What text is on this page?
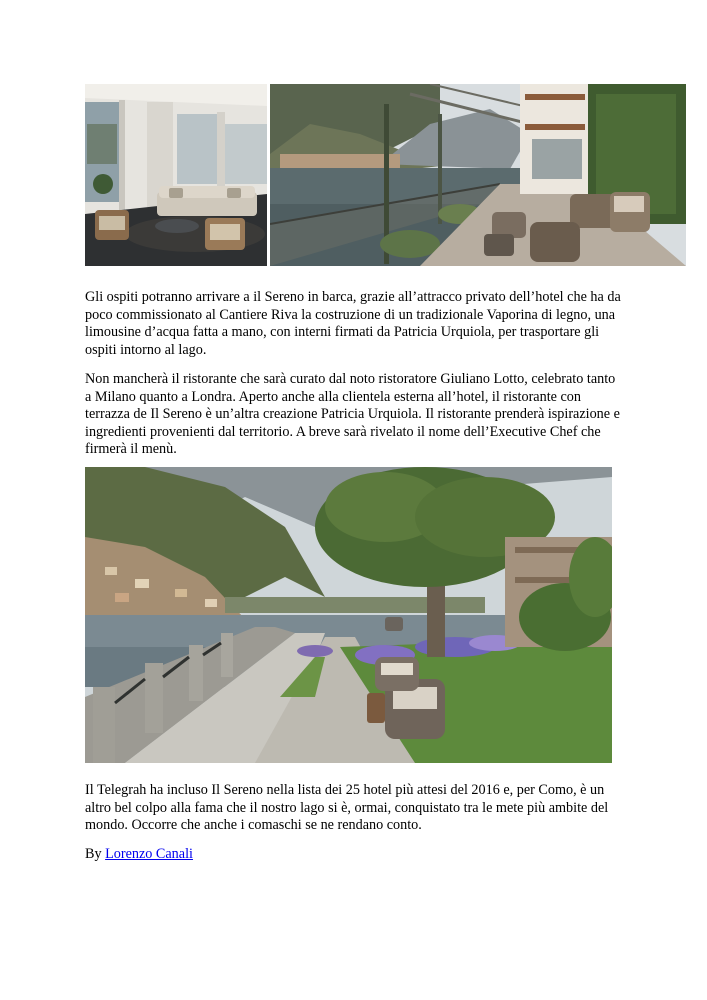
Gli ospiti potranno arrivare a il Sereno in barca, grazie all’attracco privato dell’hotel che ha da poco commissionato al Cantiere Riva la costruzione di un tradizionale Vaporina di legno, una limousine d’acqua fatta a mano, con interni firmati da Patricia Urquiola, per trasportare gli ospiti intorno al lago.

Non mancherà il ristorante che sarà curato dal noto ristoratore Giuliano Lotto, celebrato tanto a Milano quanto a Londra. Aperto anche alla clientela esterna all’hotel, il ristorante con terrazza de Il Sereno è un’altra creazione Patricia Urquiola. Il ristorante prenderà ispirazione e ingredienti provenienti dal territorio. A breve sarà rivelato il nome dell’Executive Chef che firmerà il menù.

Il Telegrah ha incluso Il Sereno nella lista dei 25 hotel più attesi del 2016 e, per Como, è un altro bel colpo alla fama che il nostro lago si è, ormai, conquistato tra le mete più ambite del mondo. Occorre che anche i comaschi se ne rendano conto.

By Lorenzo Canali
